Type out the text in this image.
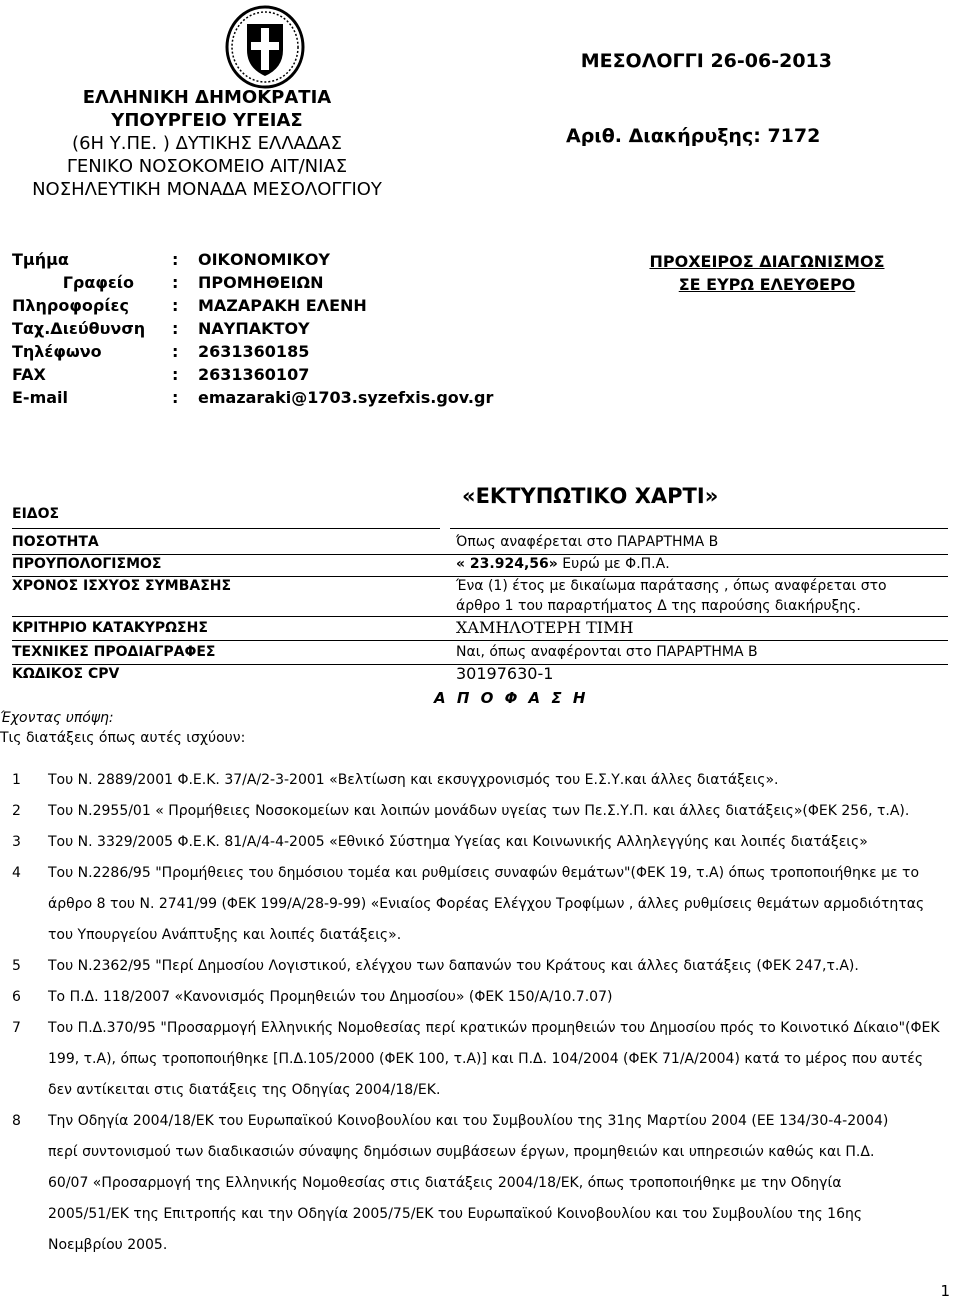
ΕΛΛΗΝΙΚΗ ΔΗΜΟΚΡΑΤΙΑ
ΥΠΟΥΡΓΕΙΟ ΥΓΕΙΑΣ
(6Η Υ.ΠΕ. ) ΔΥΤΙΚΗΣ ΕΛΛΑΔΑΣ
ΓΕΝΙΚΟ ΝΟΣΟΚΟΜΕΙΟ ΑΙΤ/ΝΙΑΣ
ΝΟΣΗΛΕΥΤΙΚΗ ΜΟΝΑΔΑ ΜΕΣΟΛΟΓΓΙΟΥ
ΜΕΣΟΛΟΓΓΙ 26-06-2013
Αριθ. Διακήρυξης: 7172
Τμήμα	: ΟΙΚΟΝΟΜΙΚΟΥ
Γραφείο : ΠΡΟΜΗΘΕΙΩΝ
Πληροφορίες	: ΜΑΖΑΡΑΚΗ ΕΛΕΝΗ
Ταχ.Διεύθυνση	: ΝΑΥΠΑΚΤΟΥ
Τηλέφωνο	: 2631360185
FAX	: 2631360107
E-mail	: emazaraki@1703.syzefxis.gov.gr
ΠΡΟΧΕΙΡΟΣ ΔΙΑΓΩΝΙΣΜΟΣ
ΣΕ ΕΥΡΩ ΕΛΕΥΘΕΡΟ
«ΕΚΤΥΠΩΤΙΚΟ ΧΑΡΤΙ»
ΕΙΔΟΣ
ΠΟΣΟΤΗΤΑ	Όπως αναφέρεται στο ΠΑΡΑΡΤΗΜΑ Β
ΠΡΟΥΠΟΛΟΓΙΣΜΟΣ	« 23.924,56» Ευρώ με Φ.Π.Α.
ΧΡΟΝΟΣ ΙΣΧΥΟΣ ΣΥΜΒΑΣΗΣ	Ένα (1) έτος με δικαίωμα παράτασης , όπως αναφέρεται στο
άρθρο 1 του παραρτήματος Δ της παρούσης διακήρυξης.
ΚΡΙΤΗΡΙΟ ΚΑΤΑΚΥΡΩΣΗΣ	ΧΑΜΗΛΟΤΕΡΗ ΤΙΜΗ
ΤΕΧΝΙΚΕΣ ΠΡΟΔΙΑΓΡΑΦΕΣ	Ναι, όπως αναφέρονται στο ΠΑΡΑΡΤΗΜΑ Β
ΚΩΔΙΚΟΣ CPV	30197630-1
Α Π Ο Φ Α Σ Η
Έχοντας υπόψη:
Τις διατάξεις όπως αυτές ισχύουν:
1 Του Ν. 2889/2001 Φ.Ε.Κ. 37/Α/2-3-2001 «Βελτίωση και εκσυγχρονισμός του Ε.Σ.Υ.και άλλες διατάξεις».
2 Του Ν.2955/01 « Προμήθειες Νοσοκομείων και λοιπών μονάδων υγείας των Πε.Σ.Υ.Π. και άλλες διατάξεις»(ΦΕΚ 256, τ.Α).
3 Του Ν. 3329/2005 Φ.Ε.Κ. 81/Α/4-4-2005 «Εθνικό Σύστημα Υγείας και Κοινωνικής Αλληλεγγύης και λοιπές διατάξεις»
4 Του Ν.2286/95 "Προμήθειες του δημόσιου τομέα και ρυθμίσεις συναφών θεμάτων"(ΦΕΚ 19, τ.Α) όπως τροποποιήθηκε με το
άρθρο 8 του Ν. 2741/99 (ΦΕΚ 199/Α/28-9-99) «Ενιαίος Φορέας Ελέγχου Τροφίμων , άλλες ρυθμίσεις θεμάτων αρμοδιότητας
του Υπουργείου Ανάπτυξης και λοιπές διατάξεις».
5 Του Ν.2362/95 "Περί Δημοσίου Λογιστικού, ελέγχου των δαπανών του Κράτους και άλλες διατάξεις (ΦΕΚ 247,τ.Α).
6 Το Π.Δ. 118/2007 «Κανονισμός Προμηθειών του Δημοσίου» (ΦΕΚ 150/Α/10.7.07)
7 Του Π.Δ.370/95 "Προσαρμογή Ελληνικής Νομοθεσίας περί κρατικών προμηθειών του Δημοσίου πρός το Κοινοτικό Δίκαιο"(ΦΕΚ
199, τ.Α), όπως τροποποιήθηκε [Π.Δ.105/2000 (ΦΕΚ 100, τ.Α)] και Π.Δ. 104/2004 (ΦΕΚ 71/Α/2004) κατά το μέρος που αυτές
δεν αντίκειται στις διατάξεις της Οδηγίας 2004/18/ΕΚ.
8 Την Οδηγία 2004/18/ΕΚ του Ευρωπαϊκού Κοινοβουλίου και του Συμβουλίου της 31ης Μαρτίου 2004 (ΕΕ 134/30-4-2004)
περί συντονισμού των διαδικασιών σύναψης δημόσιων συμβάσεων έργων, προμηθειών και υπηρεσιών καθώς και Π.Δ.
60/07 «Προσαρμογή της Ελληνικής Νομοθεσίας στις διατάξεις 2004/18/ΕΚ, όπως τροποποιήθηκε με την Οδηγία
2005/51/ΕΚ της Επιτροπής και την Οδηγία 2005/75/ΕΚ του Ευρωπαϊκού Κοινοβουλίου και του Συμβουλίου της 16ης
Νοεμβρίου 2005.
1
